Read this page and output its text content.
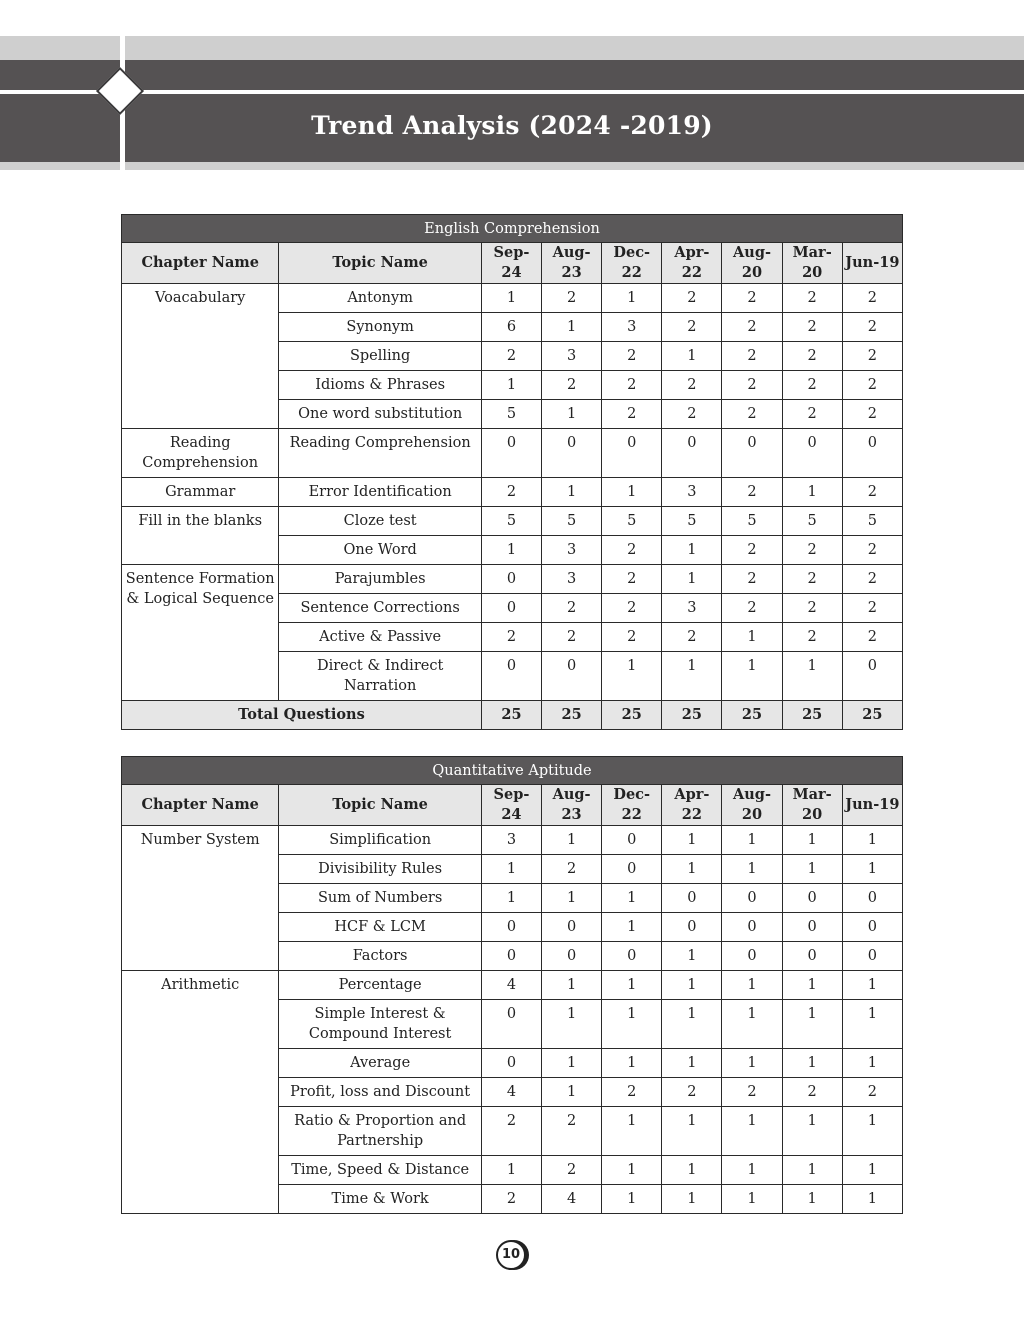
Trend Analysis (2024 -2019)
English Comprehension								
Chapter Name	Topic Name	Sep-24	Aug-23	Dec-22	Apr-22	Aug-20	Mar-20	Jun-19
Voacabulary	Antonym	1	2	1	2	2	2	2
	Synonym	6	1	3	2	2	2	2
	Spelling	2	3	2	1	2	2	2
	Idioms & Phrases	1	2	2	2	2	2	2
	One word substitution	5	1	2	2	2	2	2
Reading Comprehension	Reading Comprehension	0	0	0	0	0	0	0
Grammar	Error Identification	2	1	1	3	2	1	2
Fill in the blanks	Cloze test	5	5	5	5	5	5	5
	One Word	1	3	2	1	2	2	2
Sentence Formation & Logical Sequence	Parajumbles	0	3	2	1	2	2	2
	Sentence Corrections	0	2	2	3	2	2	2
	Active & Passive	2	2	2	2	1	2	2
	Direct & Indirect Narration	0	0	1	1	1	1	0
Total Questions		25	25	25	25	25	25	25
Quantitative Aptitude								
Chapter Name	Topic Name	Sep-24	Aug-23	Dec-22	Apr-22	Aug-20	Mar-20	Jun-19
Number System	Simplification	3	1	0	1	1	1	1
	Divisibility Rules	1	2	0	1	1	1	1
	Sum of Numbers	1	1	1	0	0	0	0
	HCF & LCM	0	0	1	0	0	0	0
	Factors	0	0	0	1	0	0	0
Arithmetic	Percentage	4	1	1	1	1	1	1
	Simple Interest & Compound Interest	0	1	1	1	1	1	1
	Average	0	1	1	1	1	1	1
	Profit, loss and Discount	4	1	2	2	2	2	2
	Ratio & Proportion and Partnership	2	2	1	1	1	1	1
	Time, Speed & Distance	1	2	1	1	1	1	1
	Time & Work	2	4	1	1	1	1	1
10
